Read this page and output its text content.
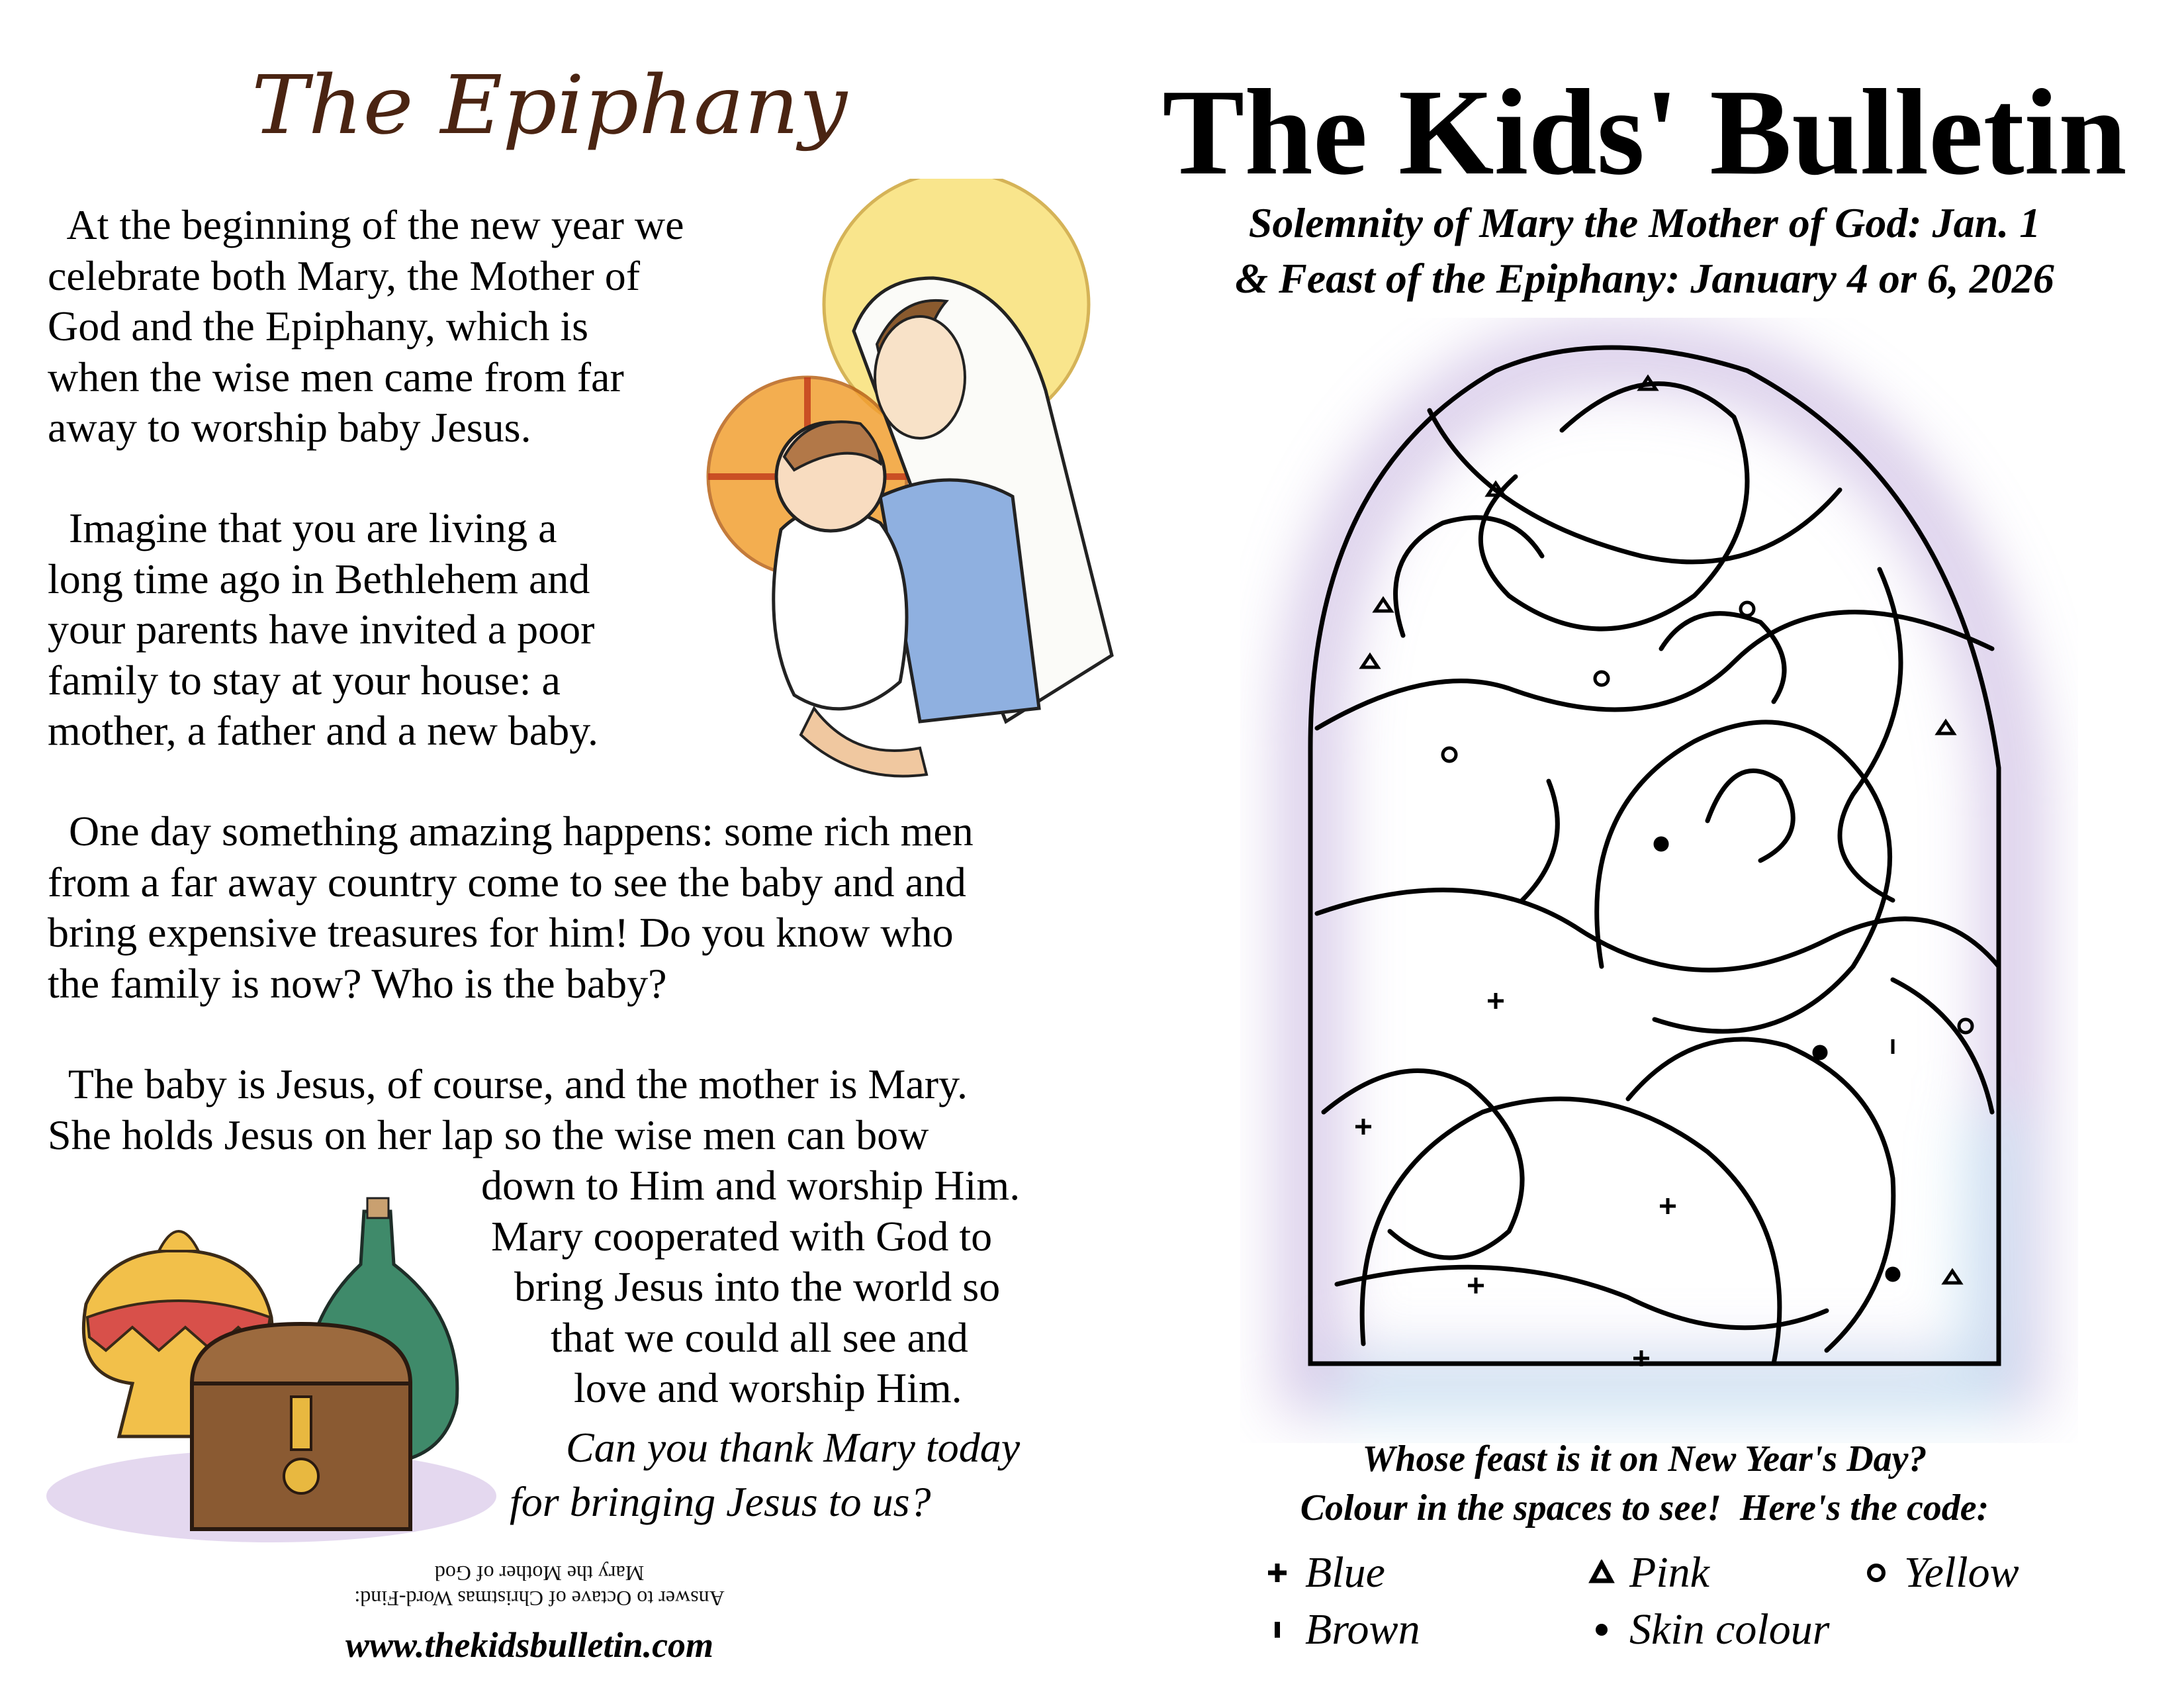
The Epiphany
At the beginning of the new year we
celebrate both Mary, the Mother of
God and the Epiphany, which is
when the wise men came from far
away to worship baby Jesus.
Imagine that you are living a
long time ago in Bethlehem and
your parents have invited a poor
family to stay at your house: a
mother, a father and a new baby.
One day something amazing happens: some rich men
from a far away country come to see the baby and and
bring expensive treasures for him! Do you know who
the family is now? Who is the baby?
The baby is Jesus, of course, and the mother is Mary.
She holds Jesus on her lap so the wise men can bow
down to Him and worship Him.
Mary cooperated with God to
bring Jesus into the world so
that we could all see and
love and worship Him.
Can you thank Mary today
for bringing Jesus to us?
Answer to Octave of Christmas Word-Find:
Mary the Mother of God
www.thekidsbulletin.com
The Kids' Bulletin
Solemnity of Mary the Mother of God: Jan. 1
& Feast of the Epiphany: January 4 or 6, 2026
Whose feast is it on New Year's Day?
Colour in the spaces to see!  Here's the code:
Blue	Pink	Yellow
Brown	Skin colour
